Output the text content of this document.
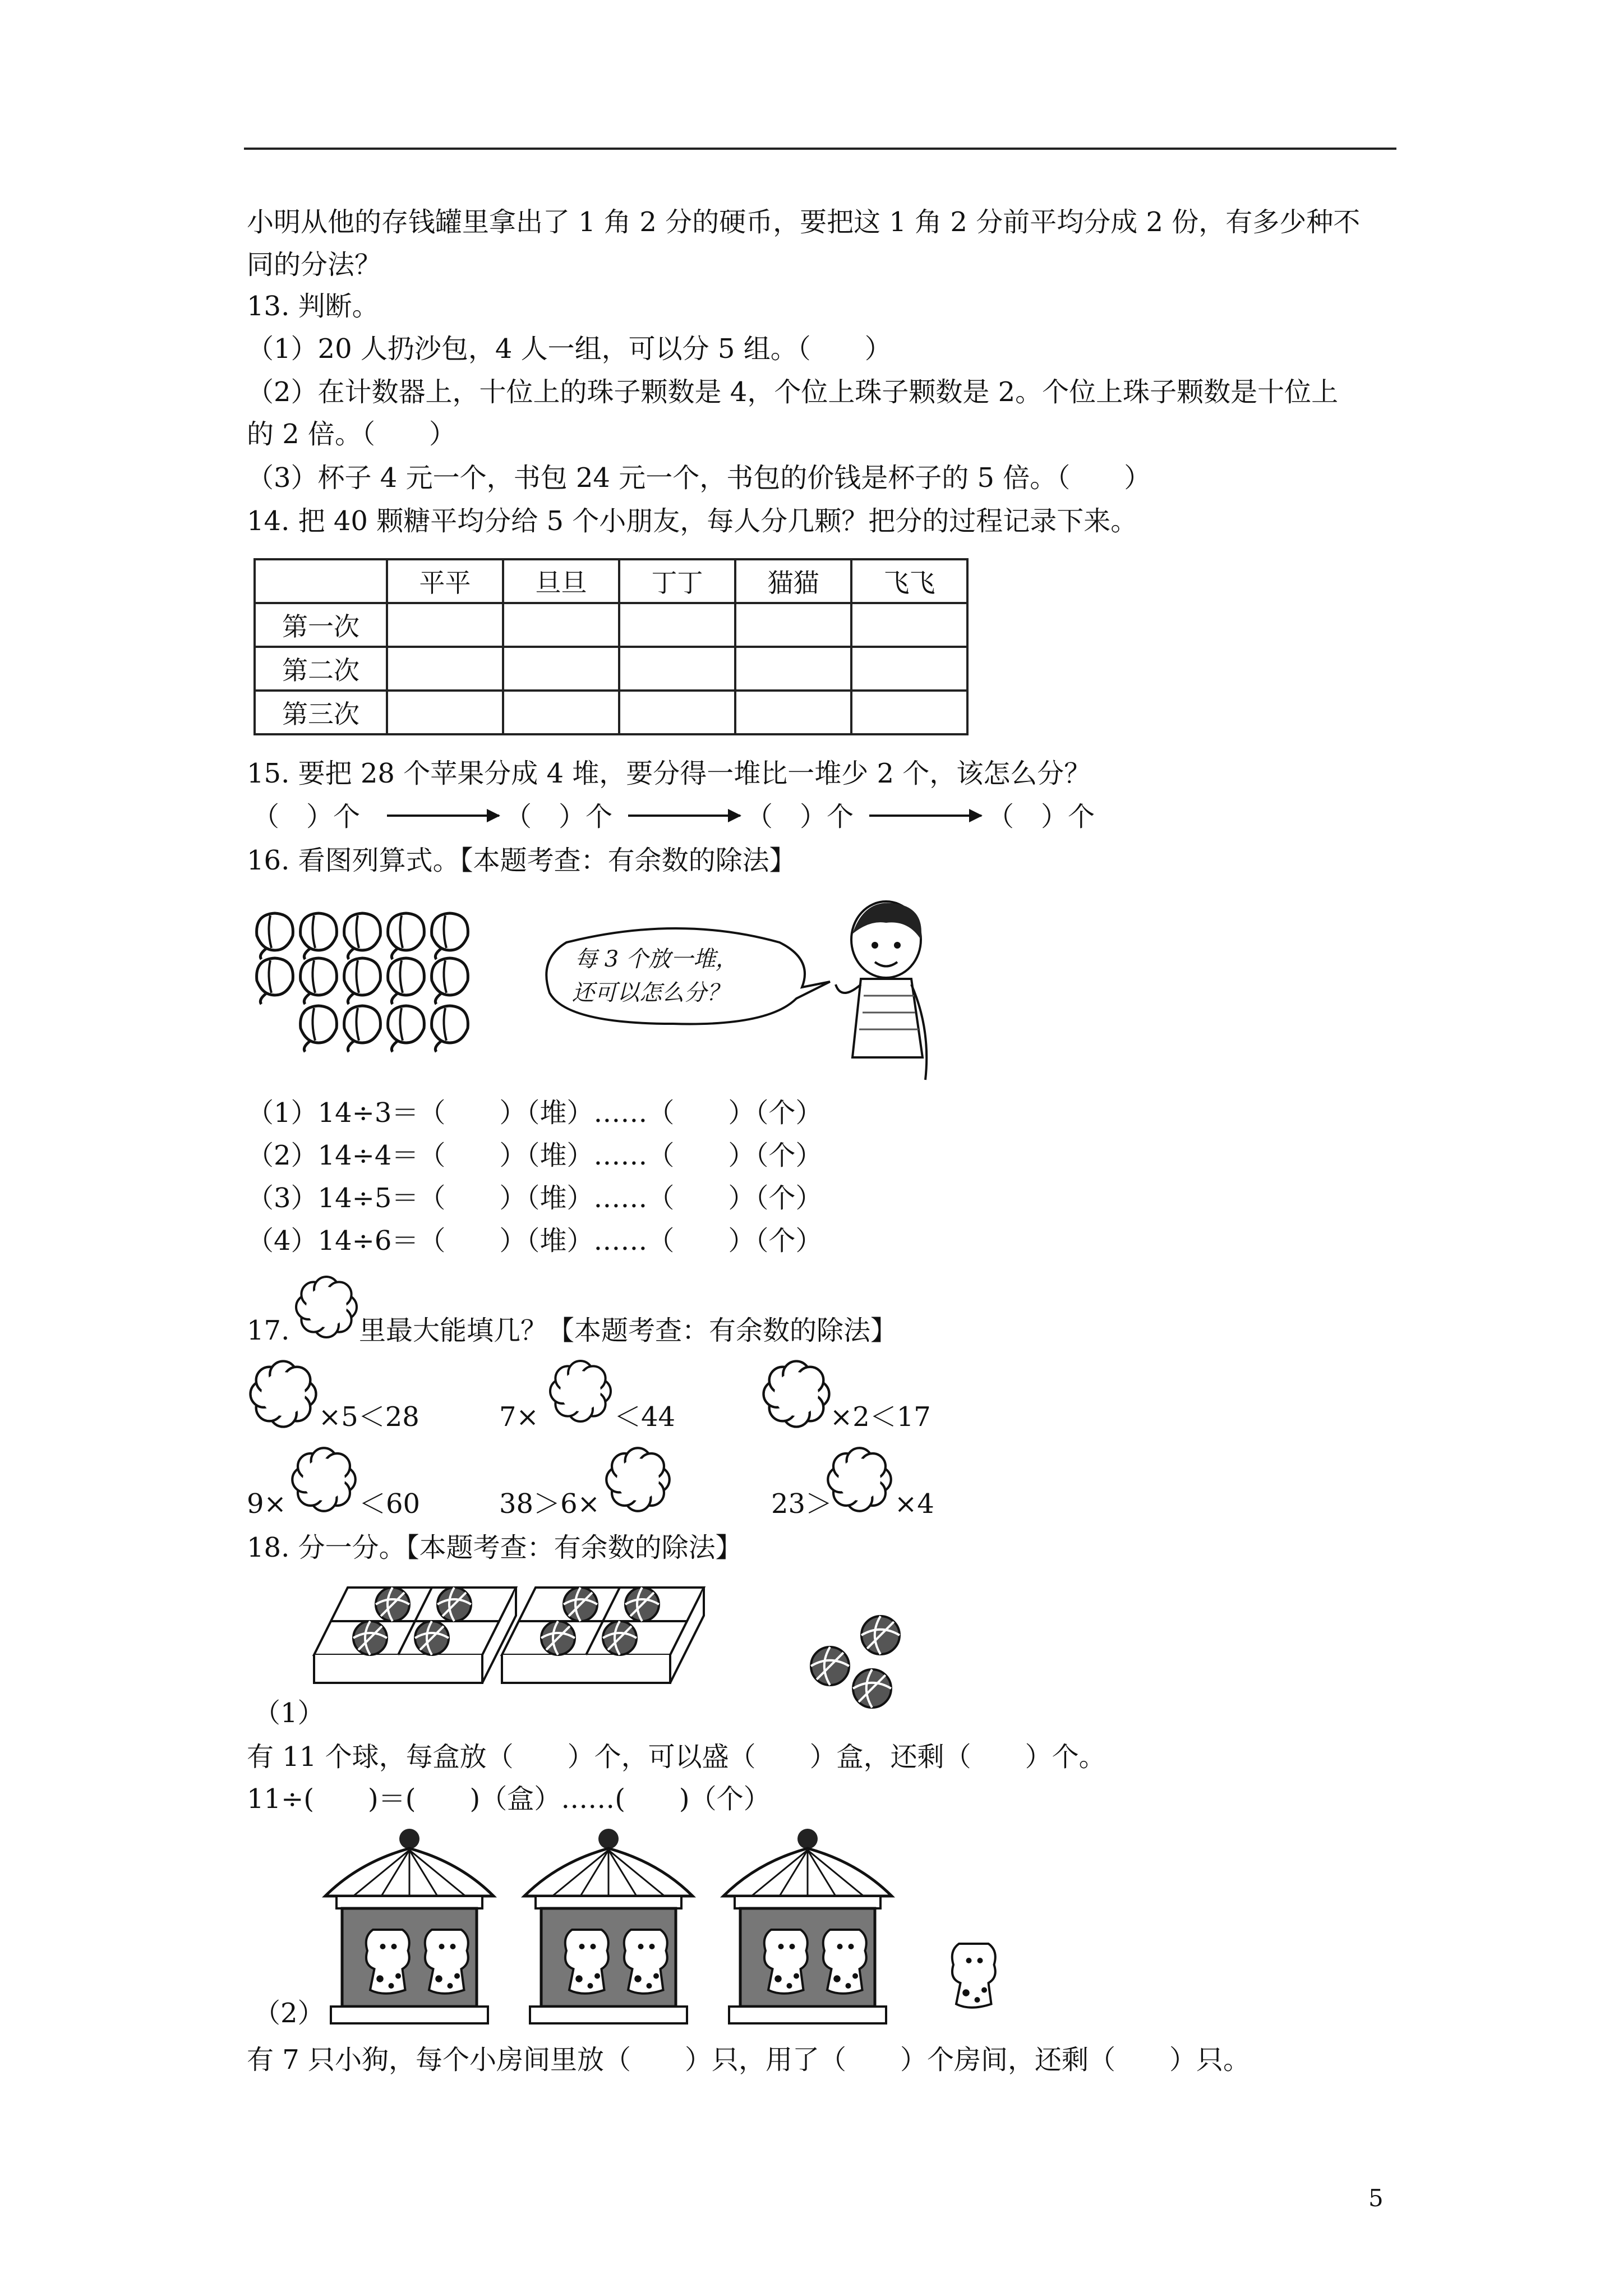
小明从他的存钱罐里拿出了 1 角 2 分的硬币，要把这 1 角 2 分前平均分成 2 份，有多少种不
同的分法？
13. 判断。
（1）20 人扔沙包，4 人一组，可以分 5 组。（　　）
（2）在计数器上，十位上的珠子颗数是 4，个位上珠子颗数是 2。个位上珠子颗数是十位上
的 2 倍。（　　）
（3）杯子 4 元一个，书包 24 元一个，书包的价钱是杯子的 5 倍。（　　）
14. 把 40 颗糖平均分给 5 个小朋友，每人分几颗？把分的过程记录下来。
	平平	旦旦	丁丁	猫猫	飞飞
第一次					
第二次					
第三次					
15. 要把 28 个苹果分成 4 堆，要分得一堆比一堆少 2 个，该怎么分？
（　）个	（　）个	（　）个	（　）个
16. 看图列算式。【本题考查：有余数的除法】
每 3 个放一堆，
还可以怎么分？
（1）14÷3＝（　　）（堆）……（　　）（个）
（2）14÷4＝（　　）（堆）……（　　）（个）
（3）14÷5＝（　　）（堆）……（　　）（个）
（4）14÷6＝（　　）（堆）……（　　）（个）
17.	里最大能填几？【本题考查：有余数的除法】
×5＜28	7×	＜44	×2＜17
9×	＜60	38＞6×	23＞ ×4
18. 分一分。【本题考查：有余数的除法】
（1）
有 11 个球，每盒放（　　）个，可以盛（　　）盒，还剩（　　）个。
11÷(　　)＝(　　)（盒）……(　　)（个）
（2）
有 7 只小狗，每个小房间里放（　　）只，用了（　　）个房间，还剩（　　）只。
5
